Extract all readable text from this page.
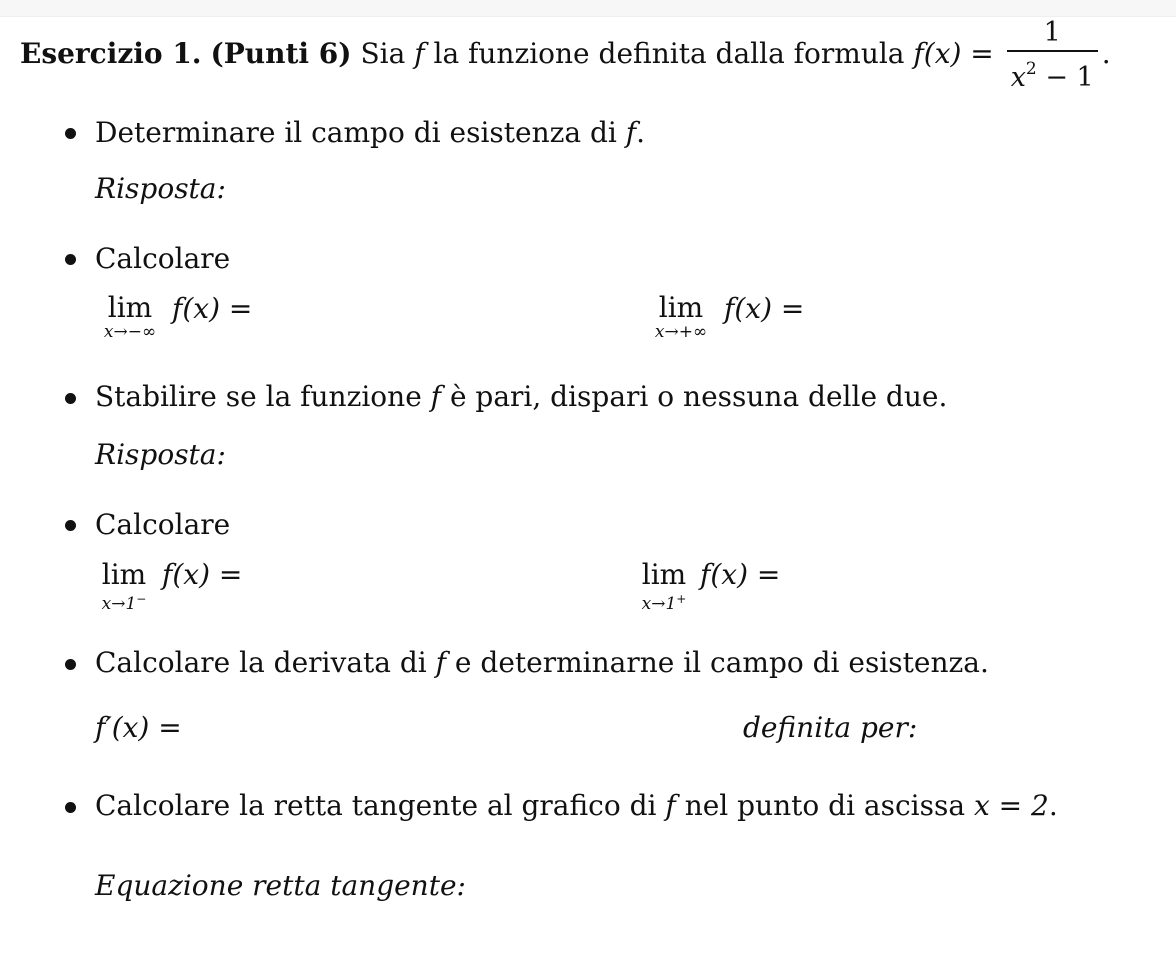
Esercizio 1. (Punti 6) Sia f la funzione definita dalla formula $f(x) = \frac{1}{x^2 - 1}$ .
Determinare il campo di esistenza di f.
Risposta:
Calcolare
lim
x→−∞
f(x) =	lim
x→+∞
f(x) =
Stabilire se la funzione f è pari, dispari o nessuna delle due.
Risposta:
Calcolare
lim
x→1−
f(x) =	lim
x→1+
f(x) =
Calcolare la derivata di f e determinarne il campo di esistenza.
f′(x) =	definita per:
Calcolare la retta tangente al grafico di f nel punto di ascissa x = 2.
Equazione retta tangente:
